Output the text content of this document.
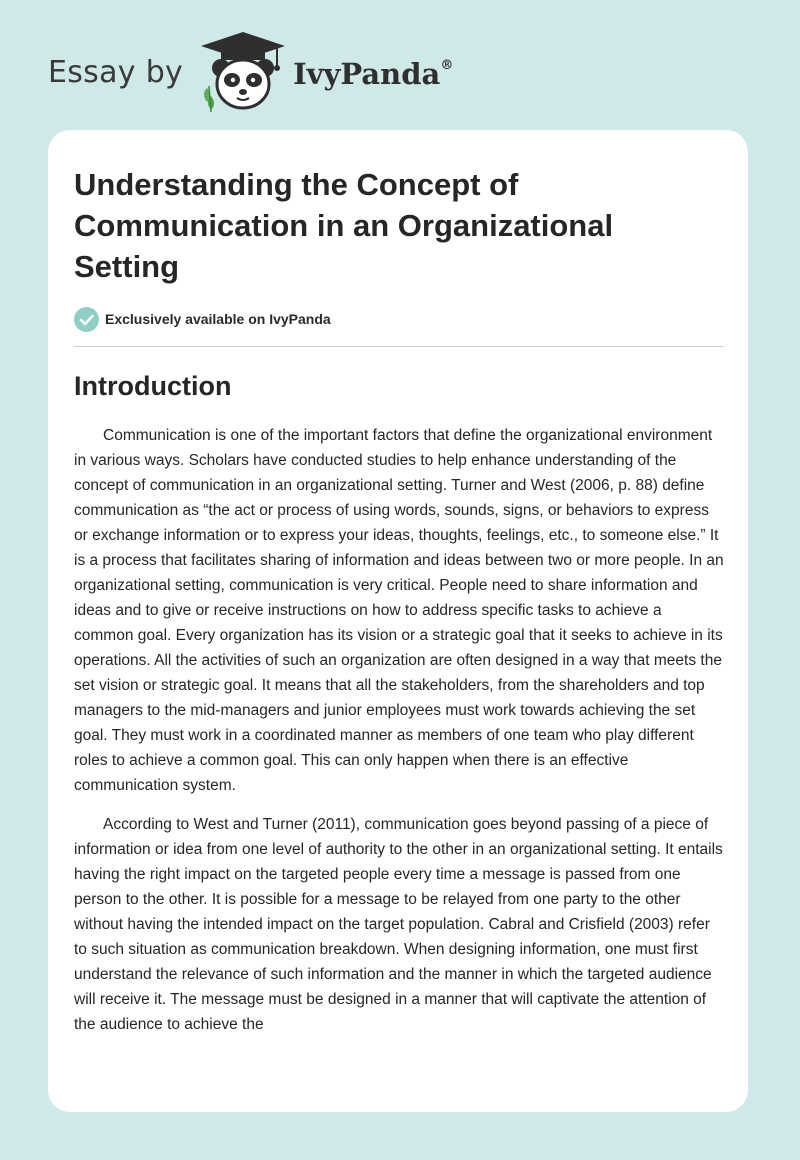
Essay by	IvyPanda®
Understanding the Concept of Communication in an Organizational Setting
Exclusively available on IvyPanda
Introduction

Communication is one of the important factors that define the organizational environment in various ways. Scholars have conducted studies to help enhance understanding of the concept of communication in an organizational setting. Turner and West (2006, p. 88) define communication as “the act or process of using words, sounds, signs, or behaviors to express or exchange information or to express your ideas, thoughts, feelings, etc., to someone else.” It is a process that facilitates sharing of information and ideas between two or more people. In an organizational setting, communication is very critical. People need to share information and ideas and to give or receive instructions on how to address specific tasks to achieve a common goal. Every organization has its vision or a strategic goal that it seeks to achieve in its operations. All the activities of such an organization are often designed in a way that meets the set vision or strategic goal. It means that all the stakeholders, from the shareholders and top managers to the mid-managers and junior employees must work towards achieving the set goal. They must work in a coordinated manner as members of one team who play different roles to achieve a common goal. This can only happen when there is an effective communication system.

According to West and Turner (2011), communication goes beyond passing of a piece of information or idea from one level of authority to the other in an organizational setting. It entails having the right impact on the targeted people every time a message is passed from one person to the other. It is possible for a message to be relayed from one party to the other without having the intended impact on the target population. Cabral and Crisfield (2003) refer to such situation as communication breakdown. When designing information, one must first understand the relevance of such information and the manner in which the targeted audience will receive it. The message must be designed in a manner that will captivate the attention of the audience to achieve the
